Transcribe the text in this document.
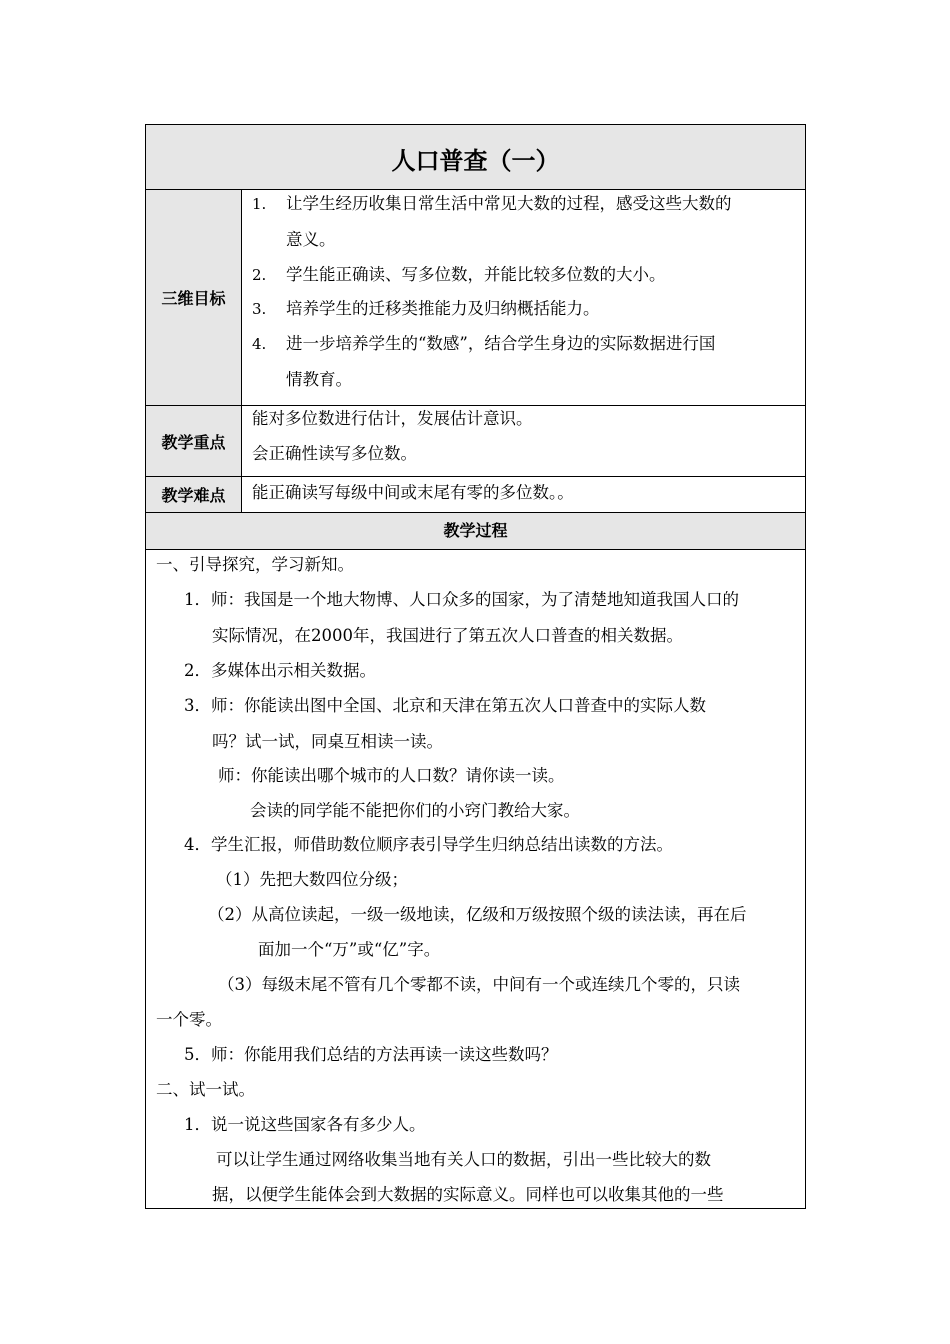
人口普查（一）
三维目标
1. 让学生经历收集日常生活中常见大数的过程，感受这些大数的
意义。
2. 学生能正确读、写多位数，并能比较多位数的大小。
3. 培养学生的迁移类推能力及归纳概括能力。
4. 进一步培养学生的“数感”，结合学生身边的实际数据进行国
情教育。
教学重点
能对多位数进行估计，发展估计意识。
会正确性读写多位数。
教学难点	能正确读写每级中间或末尾有零的多位数。。
教学过程
一、引导探究，学习新知。
1．师：我国是一个地大物博、人口众多的国家，为了清楚地知道我国人口的
实际情况，在2000年，我国进行了第五次人口普查的相关数据。
2．多媒体出示相关数据。
3．师：你能读出图中全国、北京和天津在第五次人口普查中的实际人数
吗？试一试，同桌互相读一读。
师：你能读出哪个城市的人口数？请你读一读。
会读的同学能不能把你们的小窍门教给大家。
4．学生汇报，师借助数位顺序表引导学生归纳总结出读数的方法。
（1）先把大数四位分级；
（2）从高位读起，一级一级地读，亿级和万级按照个级的读法读，再在后
面加一个“万”或“亿”字。
（3）每级末尾不管有几个零都不读，中间有一个或连续几个零的，只读
一个零。
5．师：你能用我们总结的方法再读一读这些数吗？
二、试一试。
1．说一说这些国家各有多少人。
可以让学生通过网络收集当地有关人口的数据，引出一些比较大的数
据，以便学生能体会到大数据的实际意义。同样也可以收集其他的一些
